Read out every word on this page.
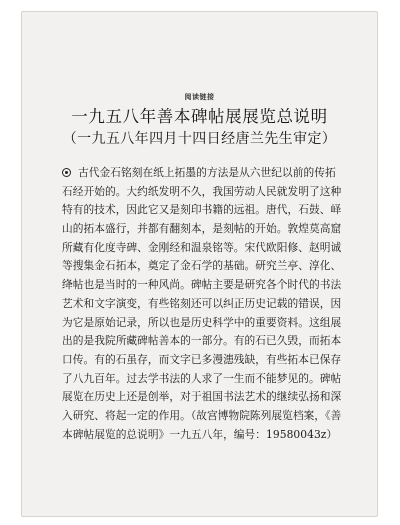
阅读链接
一九五八年善本碑帖展展览总说明
（一九五八年四月十四日经唐兰先生审定）
古代金石铭刻在纸上拓墨的方法是从六世纪以前的传拓
石经开始的。大约纸发明不久，我国劳动人民就发明了这种
特有的技术，因此它又是刻印书籍的远祖。唐代，石鼓、峄
山的拓本盛行，并都有翻刻本，是刻帖的开始。敦煌莫高窟
所藏有化度寺碑、金刚经和温泉铭等。宋代欧阳修、赵明诚
等搜集金石拓本，奠定了金石学的基础。研究兰亭、淳化、
绛帖也是当时的一种风尚。碑帖主要是研究各个时代的书法
艺术和文字演变，有些铭刻还可以纠正历史记载的错误，因
为它是原始记录，所以也是历史科学中的重要资料。这组展
出的是我院所藏碑帖善本的一部分。有的石已久毁，而拓本
口传。有的石虽存，而文字已多漫漶残缺，有些拓本已保存
了八九百年。过去学书法的人求了一生而不能梦见的。碑帖
展览在历史上还是创举，对于祖国书法艺术的继续弘扬和深
入研究、将起一定的作用。（故宫博物院陈列展览档案，《善
本碑帖展览的总说明》一九五八年，编号：19580043z）
